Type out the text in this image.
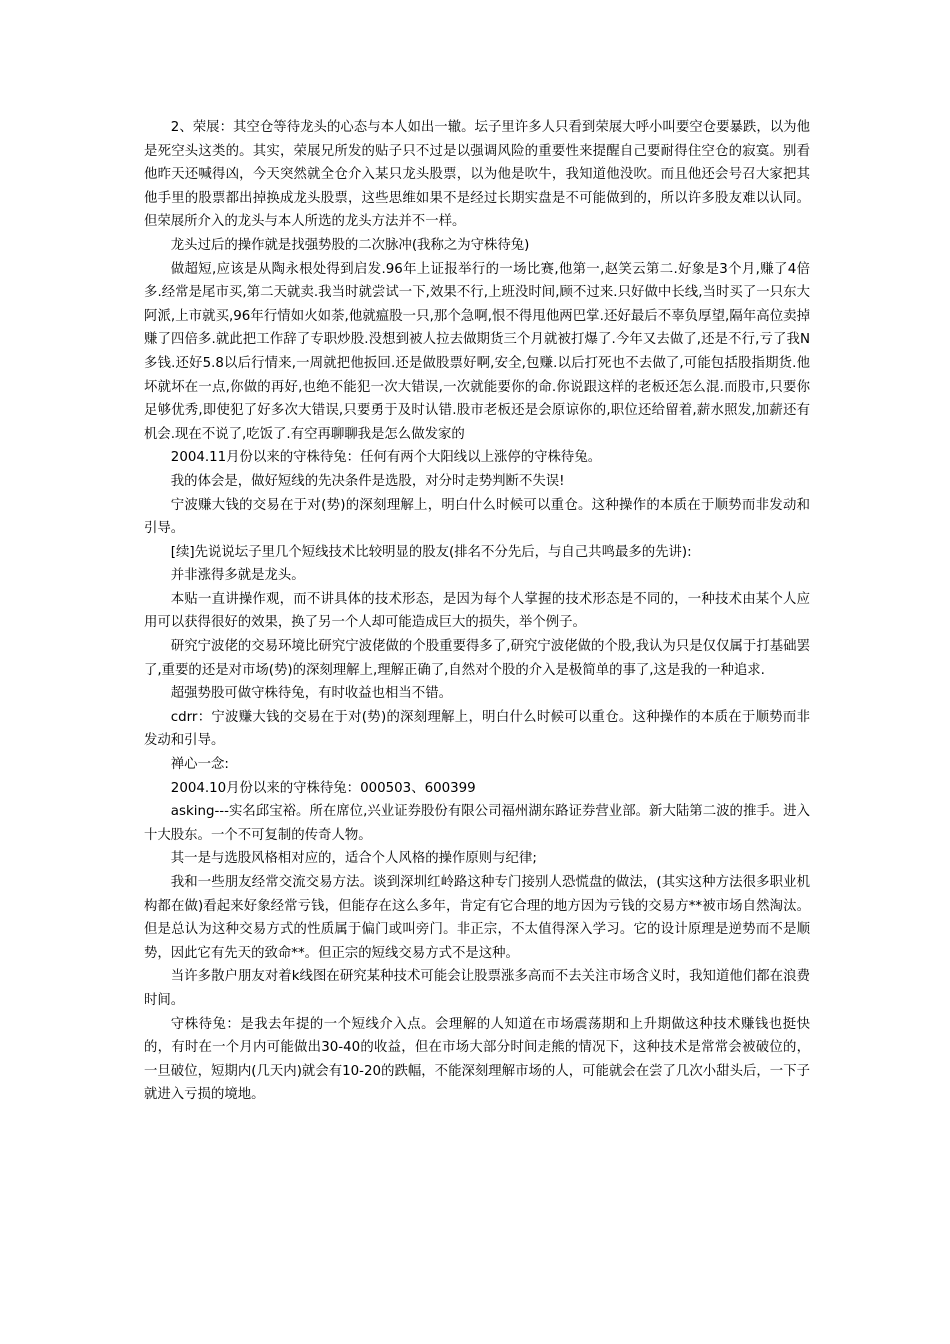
2、荣展：其空仓等待龙头的心态与本人如出一辙。坛子里许多人只看到荣展大呼小叫要空仓要暴跌，以为他是死空头这类的。其实，荣展兄所发的贴子只不过是以强调风险的重要性来提醒自己要耐得住空仓的寂寞。别看他昨天还喊得凶，今天突然就全仓介入某只龙头股票，以为他是吹牛，我知道他没吹。而且他还会号召大家把其他手里的股票都出掉换成龙头股票，这些思维如果不是经过长期实盘是不可能做到的，所以许多股友难以认同。但荣展所介入的龙头与本人所选的龙头方法并不一样。

龙头过后的操作就是找强势股的二次脉冲(我称之为守株待兔)

做超短,应该是从陶永根处得到启发.96年上证报举行的一场比赛,他第一,赵笑云第二.好象是3个月,赚了4倍多.经常是尾市买,第二天就卖.我当时就尝试一下,效果不行,上班没时间,顾不过来.只好做中长线,当时买了一只东大阿派,上市就买,96年行情如火如荼,他就瘟股一只,那个急啊,恨不得甩他两巴掌.还好最后不辜负厚望,隔年高位卖掉赚了四倍多.就此把工作辞了专职炒股.没想到被人拉去做期货三个月就被打爆了.今年又去做了,还是不行,亏了我N多钱.还好5.8以后行情来,一周就把他扳回.还是做股票好啊,安全,包赚.以后打死也不去做了,可能包括股指期货.他坏就坏在一点,你做的再好,也绝不能犯一次大错误,一次就能要你的命.你说跟这样的老板还怎么混.而股市,只要你足够优秀,即使犯了好多次大错误,只要勇于及时认错.股市老板还是会原谅你的,职位还给留着,薪水照发,加薪还有机会.现在不说了,吃饭了.有空再聊聊我是怎么做发家的

2004.11月份以来的守株待兔：任何有两个大阳线以上涨停的守株待兔。

我的体会是，做好短线的先决条件是选股，对分时走势判断不失误!

宁波赚大钱的交易在于对(势)的深刻理解上，明白什么时候可以重仓。这种操作的本质在于顺势而非发动和引导。

[续]先说说坛子里几个短线技术比较明显的股友(排名不分先后，与自己共鸣最多的先讲):

并非涨得多就是龙头。

本贴一直讲操作观，而不讲具体的技术形态，是因为每个人掌握的技术形态是不同的，一种技术由某个人应用可以获得很好的效果，换了另一个人却可能造成巨大的损失，举个例子。

研究宁波佬的交易环境比研究宁波佬做的个股重要得多了,研究宁波佬做的个股,我认为只是仅仅属于打基础罢了,重要的还是对市场(势)的深刻理解上,理解正确了,自然对个股的介入是极简单的事了,这是我的一种追求.

超强势股可做守株待兔，有时收益也相当不错。

cdrr：宁波赚大钱的交易在于对(势)的深刻理解上，明白什么时候可以重仓。这种操作的本质在于顺势而非发动和引导。

禅心一念:

2004.10月份以来的守株待兔：000503、600399

asking---实名邱宝裕。所在席位,兴业证券股份有限公司福州湖东路证券营业部。新大陆第二波的推手。进入十大股东。一个不可复制的传奇人物。

其一是与选股风格相对应的，适合个人风格的操作原则与纪律;

我和一些朋友经常交流交易方法。谈到深圳红岭路这种专门接别人恐慌盘的做法，(其实这种方法很多职业机构都在做)看起来好象经常亏钱，但能存在这么多年，肯定有它合理的地方因为亏钱的交易方**被市场自然淘汰。但是总认为这种交易方式的性质属于偏门或叫旁门。非正宗，不太值得深入学习。它的设计原理是逆势而不是顺势，因此它有先天的致命**。但正宗的短线交易方式不是这种。

当许多散户朋友对着k线图在研究某种技术可能会让股票涨多高而不去关注市场含义时，我知道他们都在浪费时间。

守株待兔：是我去年提的一个短线介入点。会理解的人知道在市场震荡期和上升期做这种技术赚钱也挺快的，有时在一个月内可能做出30-40的收益，但在市场大部分时间走熊的情况下，这种技术是常常会被破位的，一旦破位，短期内(几天内)就会有10-20的跌幅，不能深刻理解市场的人，可能就会在尝了几次小甜头后，一下子就进入亏损的境地。
